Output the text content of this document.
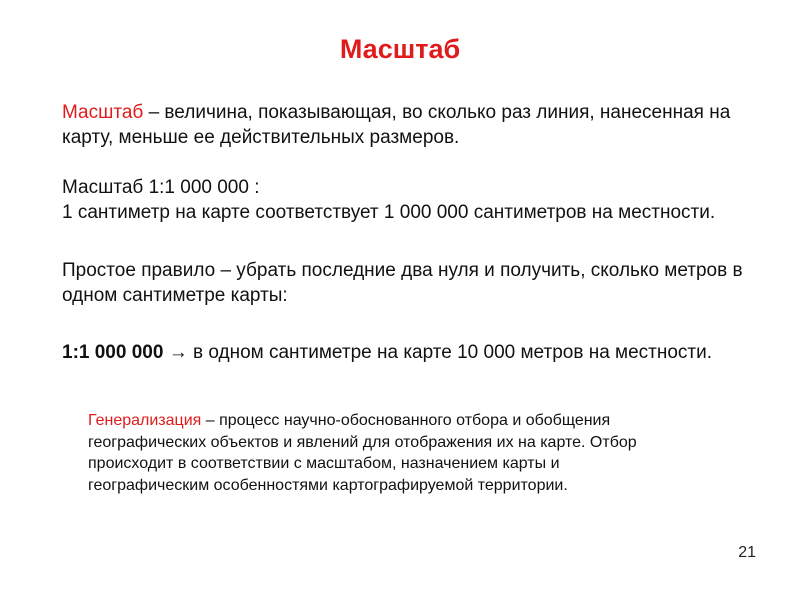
Масштаб

Масштаб – величина, показывающая, во сколько раз линия, нанесенная на карту, меньше ее действительных размеров.

Масштаб 1:1 000 000 :
1 сантиметр на карте соответствует 1 000 000 сантиметров на местности.

Простое правило – убрать последние два нуля и получить, сколько метров в одном сантиметре карты:

1:1 000 000 → в одном сантиметре на карте 10 000 метров на местности.

Генерализация – процесс научно-обоснованного отбора и обобщения географических объектов и явлений для отображения их на карте. Отбор происходит в соответствии с масштабом, назначением карты и географическим особенностями картографируемой территории.

21
